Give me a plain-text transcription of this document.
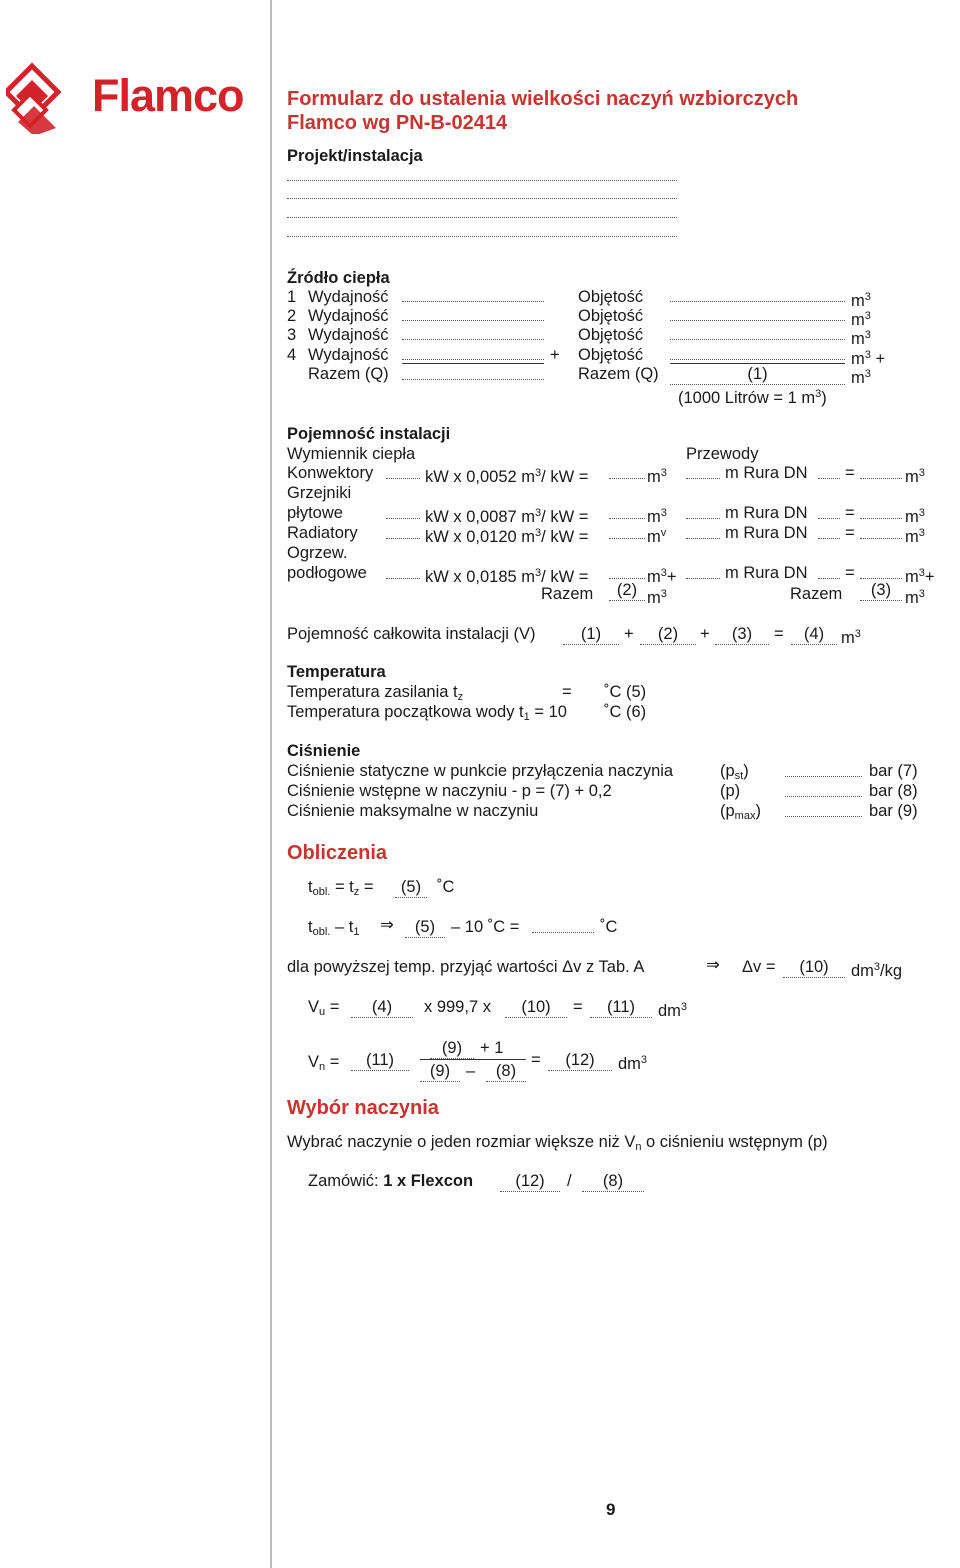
Flamco Formularz do ustalenia wielkości naczyń wzbiorczych
Flamco wg PN-B-02414
Projekt/instalacja
Źródło ciepła
1 Wydajność	Objętość	$m^3$
2 Wydajność	Objętość	$m^3$
3 Wydajność	Objętość	$m^3$
4 Wydajność	+ Objętość	$m^3$ +
Razem (Q)	Razem (Q)	(1)	$m^3$
(1000 Litrów = 1 $m^3$)
Pojemność instalacji
Wymiennik ciepła	Przewody
Konwektory	kW x 0,0052 $m^3/$ kW =	$m^3$	m Rura DN =	$m^3$
Grzejniki
płytowe	kW x 0,0087 $m^3/$ kW =	$m^3$	m Rura DN =	$m^3$
Radiatory	kW x 0,0120 $m^3/$ kW =	$m^v$	m Rura DN =	$m^3$
Ogrzew.
podłogowe	kW x 0,0185 $m^3/$ kW =	$m^3+$	m Rura DN =	$m^3+$
Razem	(2) $m^3$	Razem	(3) $m^3$
Pojemność całkowita instalacji (V)	(1)	+	(2)	+	(3)	=	(4)	$m^3$
Temperatura
Temperatura zasilania $t_z$	= ˚C (5)
Temperatura początkowa wody $t_1 = 10$ ˚C (6)
Ciśnienie
Ciśnienie statyczne w punkcie przyłączenia naczynia	$(p_{st})$	bar (7)
Ciśnienie wstępne w naczyniu - p = (7) + 0,2	(p)	bar (8)
Ciśnienie maksymalne w naczyniu	$(p_{max})$	bar (9)
Obliczenia
$t_{obl.} = t_z$ =	(5) ˚C
$t_{obl.} - t_1$ ⇒	(5) – 10 ˚C =	˚C
dla powyższej temp. przyjąć wartości Δv z Tab. A	⇒ Δv =	(10)	$dm^3/kg$
$V_u$ =	(4)	x 999,7 x	(10)	=	(11)	$dm^3$
$V_n$ =	(11)
(9)	+ 1
(9) –	(8)
=	(12)	$dm^3$
Wybór naczynia
Wybrać naczynie o jeden rozmiar większe niż $V_n$ o ciśnieniu wstępnym (p)
Zamówić: 1 x Flexcon	(12)	/	(8)
9
